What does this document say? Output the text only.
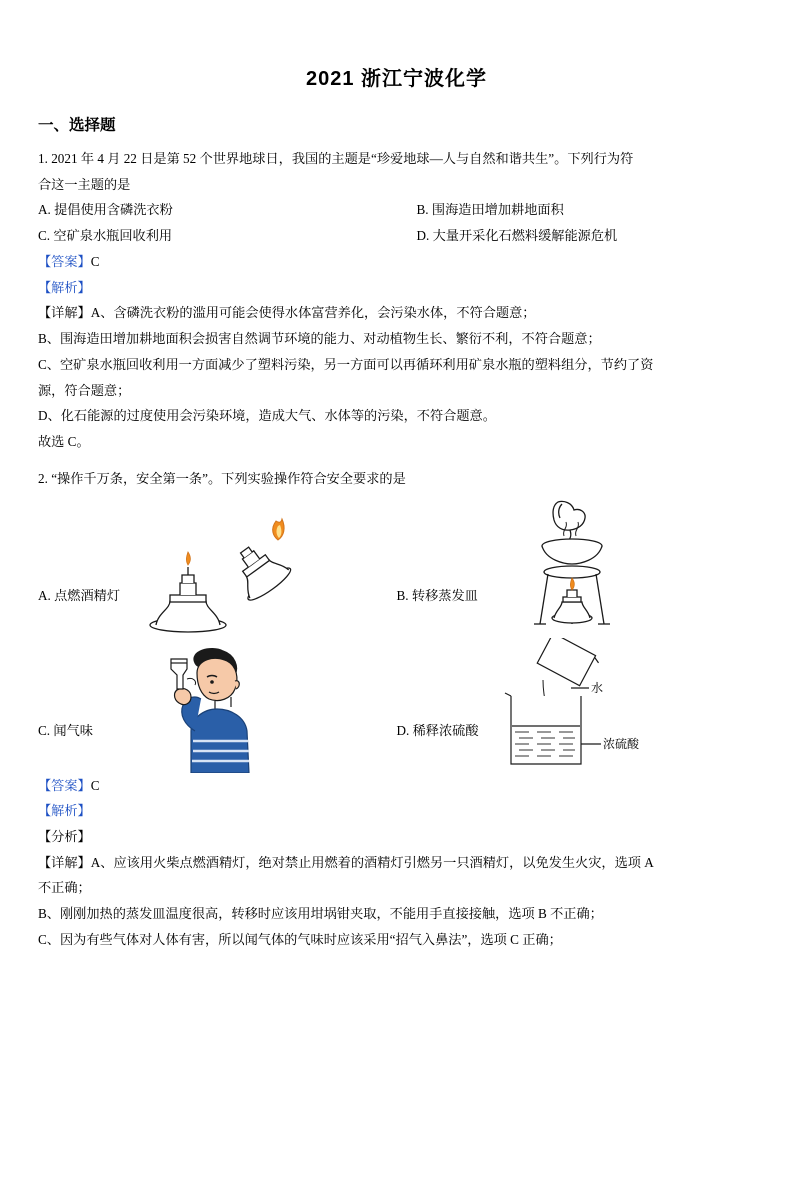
2021 浙江宁波化学
一、选择题
1. 2021 年 4 月 22 日是第 52 个世界地球日，我国的主题是“珍爱地球—人与自然和谐共生”。下列行为符
合这一主题的是
A. 提倡使用含磷洗衣粉	B. 围海造田增加耕地面积
C. 空矿泉水瓶回收利用	D. 大量开采化石燃料缓解能源危机
【答案】C
【解析】
【详解】A、含磷洗衣粉的滥用可能会使得水体富营养化，会污染水体，不符合题意；
B、围海造田增加耕地面积会损害自然调节环境的能力、对动植物生长、繁衍不利，不符合题意；
C、空矿泉水瓶回收利用一方面减少了塑料污染，另一方面可以再循环利用矿泉水瓶的塑料组分，节约了资
源，符合题意；
D、化石能源的过度使用会污染环境，造成大气、水体等的污染，不符合题意。
故选 C。
2. “操作千万条，安全第一条”。下列实验操作符合安全要求的是
A. 点燃酒精灯	B. 转移蒸发皿
C. 闻气味	D. 稀释浓硫酸
水
浓硫酸
【答案】C
【解析】
【分析】
【详解】A、应该用火柴点燃酒精灯，绝对禁止用燃着的酒精灯引燃另一只酒精灯，以免发生火灾，选项 A
不正确；
B、刚刚加热的蒸发皿温度很高，转移时应该用坩埚钳夹取，不能用手直接接触，选项 B 不正确；
C、因为有些气体对人体有害，所以闻气体的气味时应该采用“招气入鼻法”，选项 C 正确；
